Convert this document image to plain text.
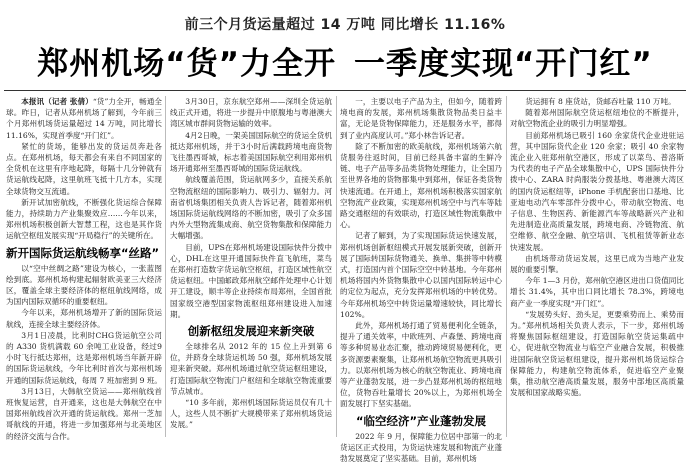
前三个月货运量超过 14 万吨 同比增长 11.16%
郑州机场“货”力全开 一季度实现“开门红”

本报讯（记者 张倩）“货”力全开，畅通全球。昨日，记者从郑州机场了解到，今年前三个月郑州机场货运量超过 14 万吨，同比增长 11.16%，实现首季度“开门红”。

紧忙的货场，能够出发的货运员奔赴各点。在郑州机场，每天都会有来自不同国家的全货机在这里有序地起降，每隔十几分钟就有货运航线起降，这里航班飞抵十几方本，实现全球货物交互流通。

新开试加密航线，不断强化货运综合保障能力，持续助力产业集聚效应……今年以来，郑州机场积极创新大智慧工程，这也是其作货运航空枢纽发展实现“开局稳行”的关键所在。

新开国际货运航线畅享“丝路”

以“空中丝绸之路”建设为核心，一张蓝图绘到底。郑州机场构建起辐射欧美亚三大经济区，覆盖全球主要经济体的枢纽航线网络，成为国内国际双循环的重要枢纽。

今年以来，郑州机场增开了新的国际货运航线，连接全球主要经济体。

3月1日凌晨，比利时CHG货运航空公司的 A330 货机满载 60 余吨工业设备，经过9小时飞行抵达郑州，这是郑州机场当年新开辟的国际货运航线，今年比利时首次与郑州机场开通的国际货运航线，每周 7 班加密到 9 班。

3月13日，大韩航空货运——郑州航线首班恢复运营，自开通来，这也是大韩航空在中国郑州航线首次开通的货运航线。郑州一芝加哥航线的开通，将进一步加强郑州与北美地区的经济交流与合作。

3月30日，京东航空郑州——深圳全货运航线正式开通，将进一步提升中原腹地与粤港澳大湾区城市群间货物运输的效率。

4月2日晚，一架美国国际航空的货运全货机抵达郑州机场，并于3小时后满载跨境电商货物飞往墨西哥城，标志着美国国际航空利用郑州机场开通郑州至墨西哥城的国际货运航线。

航线覆盖范围，货运航网多少，直接关系航空物流枢纽的国际影响力、吸引力、辐射力。河南省机场集团相关负责人告诉记者，随着郑州机场国际货运航线网络的不断加密，吸引了众多国内外大型物流集成商、航空货物集散和保障能力大幅增强。

目前，UPS在郑州机场建设国际快件分拨中心，DHL在这里开通国际快件直飞航班，菜鸟在郑州打造数字货运航空枢纽，打造区域性航空货运枢纽。中国邮政郑州航空邮件处理中心计划开工建设，顺丰等企业持续布局郑州，全国首批国家级空港型国家物流枢纽郑州建设进入加速期。

创新枢纽发展迎来新突破

全球排名从 2012 年的 15 位上升到第 6 位，并跻身全球货运机场 50 强，郑州机场发展迎来新突破。郑州机场通过航空货运枢纽建设，打造国际航空物流门户枢纽和全球航空物流重要节点城市。

“10 多年前，郑州机场国际货运员仅有几十人，这些人员不断扩大规模带来了郑州机场货运发展。”

一，主要以电子产品为主，但如今，随着跨境电商的发展，郑州机场集散货物品类日益丰富，无论是货物保障能力，还是服务水平，都得到了业内高度认可。”郑小林告诉记者。

除了不断加密的欧美航线，郑州机场第六航货服务往返时间，目前已经具备丰富的生鲜冷链、电子产品等多品类货物处理能力，让全国乃至世界各地的货物都集中到郑州，保证各类货物快速流通。在开通上，郑州机场积极落实国家航空物流产业政策，实现郑州机场空中与汽车等陆路交通枢纽的有效联动，打造区域性物流集散中心。

记者了解到，为了实现国际货运快速发展，郑州机场创新枢纽模式开展发展新突破，创新开展了国际转国际货物通关、换单、集拼等中转模式，打造国内首个国际空空中转基地。今年郑州机场将国内外货物集散中心以国内国际转运中心的定位为起点，充分发挥郑州机场的中转优势。今年郑州机场空中转货运量增速较快，同比增长 102%。

此外，郑州机场打通了贸易便利化全链条，提升了通关效率，中欧班列、卢森堡、跨境电商等多种贸易业态汇聚，推动跨境贸易便利化，更多资源要素聚集，让郑州机场航空物流更具吸引力。以郑州机场为核心的航空物流业、跨境电商等产业蓬勃发展，进一步凸显郑州机场的枢纽地位，货物吞吐量增长 20%以上，为郑州机场全面发展打下坚实基础。

“临空经济”产业蓬勃发展

2022 年 9 月，保障能力位居中部第一的北货运区正式投用，为货运快速发展和物流产业蓬勃发展奠定了坚实基础。目前，郑州机场

货运拥有 8 座货站，货邮吞吐量 110 万吨。

随着郑州国际航空货运枢纽地位的不断提升，对航空物流企业的吸引力明显增强。

目前郑州机场已吸引 160 余家货代企业进驻运营，其中国际货代企业 120 余家；吸引 40 余家物流企业入驻郑州航空港区，形成了以菜鸟、普洛斯为代表的电子产品全球集散中心，UPS 国际快件分拨中心、ZARA 时尚服装分拨基地、粤港澳大湾区的国内货运枢纽等，iPhone 手机配套出口基地、比亚迪电动汽车零部件分拨中心，带动航空物流、电子信息、生物医药、新能源汽车等战略新兴产业和先进制造业高质量发展，跨境电商、冷链物流、航空维修、航空金融、航空培训、飞机租赁等新业态快速发展。

由机场带动货运发展，这里已成为当地产业发展的重要引擎。

今年 1—3 月份，郑州航空港区进出口货值同比增长 31.4%，其中出口同比增长 78.3%，跨境电商产业一季度实现“开门红”。

“发展势头好、劲头足，更要乘势而上、乘势而为。”郑州机场相关负责人表示，下一步，郑州机场将聚焦国际枢纽建设，打造国际航空货运集疏中心，促进航空物流业与临空产业融合发展，积极推进国际航空货运枢纽建设，提升郑州机场货运综合保障能力，构建航空物流体系，促进临空产业聚集，推动航空港高质量发展，服务中部地区高质量发展和国家战略实施。
